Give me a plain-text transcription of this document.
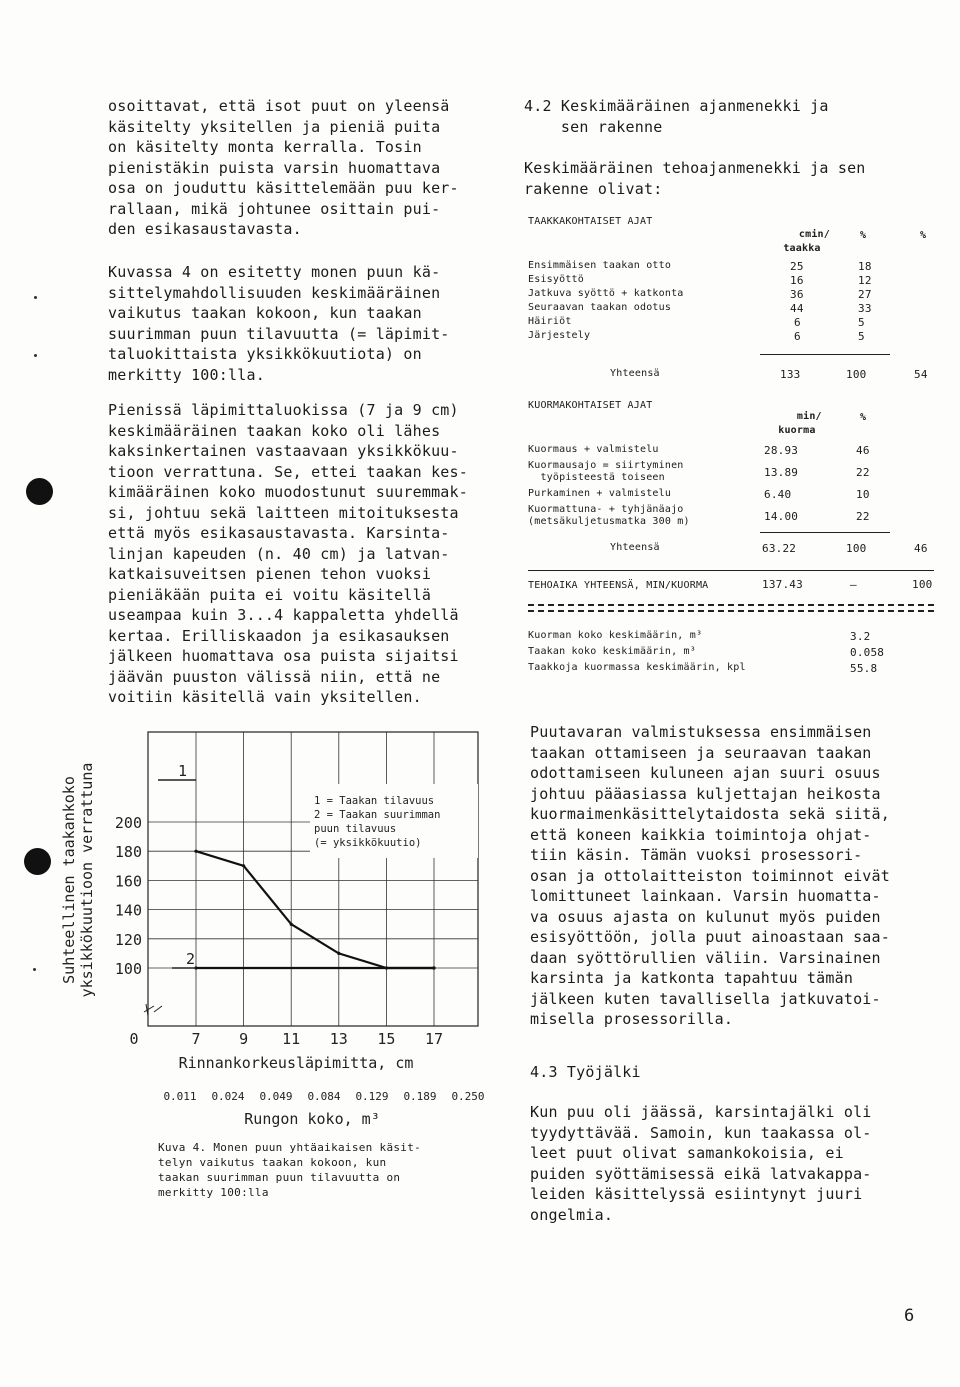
osoittavat, että isot puut on yleensä
käsitelty yksitellen ja pieniä puita
on käsitelty monta kerralla. Tosin
pienistäkin puista varsin huomattava
osa on jouduttu käsittelemään puu ker-
rallaan, mikä johtunee osittain pui-
den esikasaustavasta.
Kuvassa 4 on esitetty monen puun kä-
sittelymahdollisuuden keskimääräinen
vaikutus taakan kokoon, kun taakan
suurimman puun tilavuutta (= läpimit-
taluokittaista yksikkökuutiota) on
merkitty 100:lla.
Pienissä läpimittaluokissa (7 ja 9 cm)
keskimääräinen taakan koko oli lähes
kaksinkertainen vastaavaan yksikkökuu-
tioon verrattuna. Se, ettei taakan kes-
kimääräinen koko muodostunut suuremmak-
si, johtuu sekä laitteen mitoituksesta
että myös esikasaustavasta. Karsinta-
linjan kapeuden (n. 40 cm) ja latvan-
katkaisuveitsen pienen tehon vuoksi
pieniäkään puita ei voitu käsitellä
useampaa kuin 3...4 kappaletta yhdellä
kertaa. Erilliskaadon ja esikasauksen
jälkeen huomattava osa puista sijaitsi
jäävän puuston välissä niin, että ne
voitiin käsitellä vain yksitellen.
100
120
140
160
180
200
7	9 11 13 15 17
0
Rinnankorkeusläpimitta, cm
Suhteellinen taakankoko yksikkökuutioon verrattuna	1
2
1 = Taakan tilavuus
2 = Taakan suurimman
puun tilavuus
(= yksikkökuutio)
0.011 0.024 0.049 0.084 0.129 0.189 0.250
Rungon koko, m³
Kuva 4. Monen puun yhtäaikaisen käsit-
telyn vaikutus taakan kokoon, kun
taakan suurimman puun tilavuutta on
merkitty 100:lla
4.2 Keskimääräinen ajanmenekki ja
sen rakenne
Keskimääräinen tehoajanmenekki ja sen
rakenne olivat:
TAAKKAKOHTAISET AJAT

cmin/
taakka

%	%
Ensimmäisen taakan otto	25	18
Esisyöttö	16	12
Jatkuva syöttö + katkonta	36	27
Seuraavan taakan odotus	44	33
Häiriöt	6	5
Järjestely	6	5
Yhteensä	133	100	54
KUORMAKOHTAISET AJAT

min/
kuorma

%
Kuormaus + valmistelu	28.93	46
Kuormausajo = siirtyminen
työpisteestä toiseen	13.89	22
Purkaminen + valmistelu	6.40	10
Kuormattuna- + tyhjänäajo
(metsäkuljetusmatka 300 m)	14.00	22
Yhteensä	63.22	100	46
TEHOAIKA YHTEENSÄ, MIN/KUORMA	137.43	—	100
Kuorman koko keskimäärin, m³	3.2
Taakan koko keskimäärin, m³	0.058
Taakkoja kuormassa keskimäärin, kpl	55.8
Puutavaran valmistuksessa ensimmäisen
taakan ottamiseen ja seuraavan taakan
odottamiseen kuluneen ajan suuri osuus
johtuu pääasiassa kuljettajan heikosta
kuormaimenkäsittelytaidosta sekä siitä,
että koneen kaikkia toimintoja ohjat-
tiin käsin. Tämän vuoksi prosessori-
osan ja ottolaitteiston toiminnot eivät
lomittuneet lainkaan. Varsin huomatta-
va osuus ajasta on kulunut myös puiden
esisyöttöön, jolla puut ainoastaan saa-
daan syöttörullien väliin. Varsinainen
karsinta ja katkonta tapahtuu tämän
jälkeen kuten tavallisella jatkuvatoi-
misella prosessorilla.
4.3 Työjälki
Kun puu oli jäässä, karsintajälki oli
tyydyttävää. Samoin, kun taakassa ol-
leet puut olivat samankokoisia, ei
puiden syöttämisessä eikä latvakappa-
leiden käsittelyssä esiintynyt juuri
ongelmia.
6
